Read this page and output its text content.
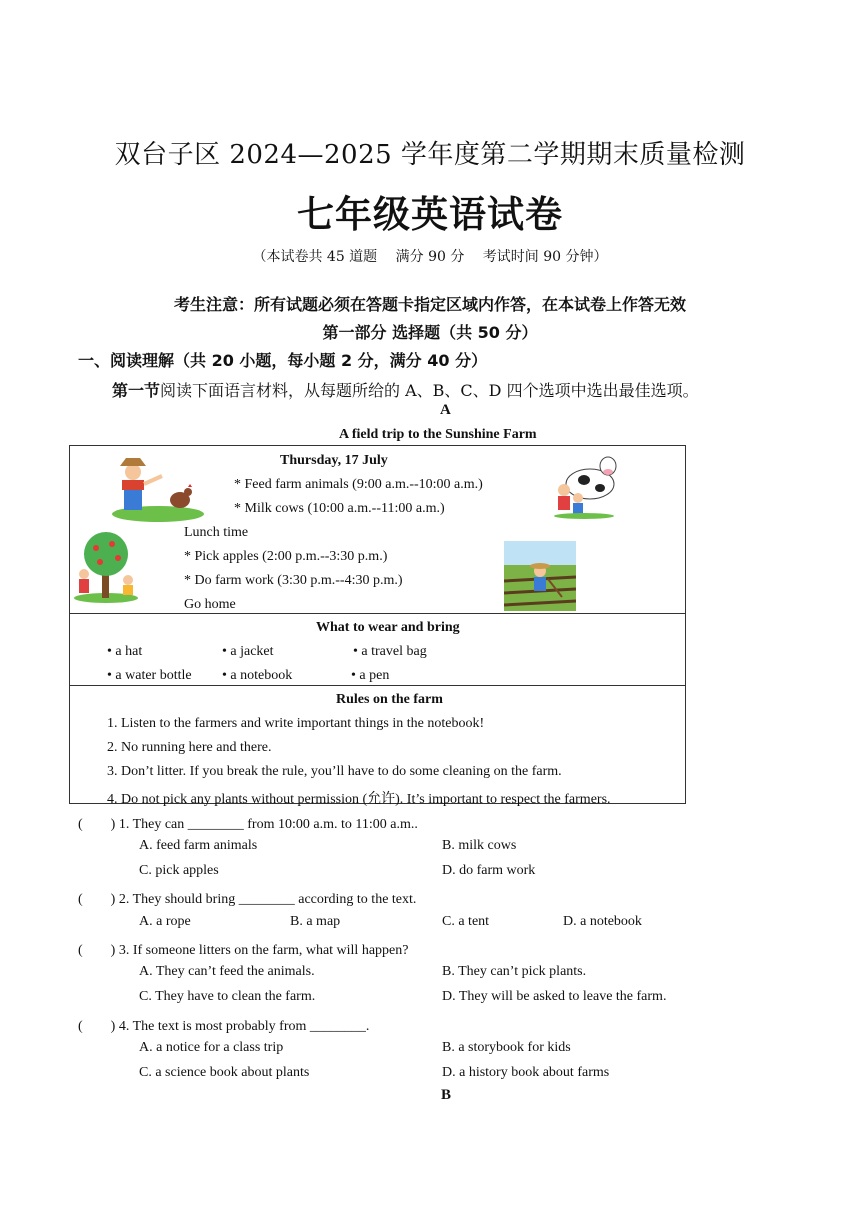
双台子区 2024—2025 学年度第二学期期末质量检测
七年级英语试卷
（本试卷共 45 道题　 满分 90 分　 考试时间 90 分钟）
考生注意：所有试题必须在答题卡指定区域内作答，在本试卷上作答无效
第一部分 选择题（共 50 分）
一、阅读理解（共 20 小题，每小题 2 分，满分 40 分）
第一节阅读下面语言材料，从每题所给的 A、B、C、D 四个选项中选出最佳选项。
A
A field trip to the Sunshine Farm
Thursday, 17 July
* Feed farm animals (9:00 a.m.--10:00 a.m.)
* Milk cows (10:00 a.m.--11:00 a.m.)
Lunch time
* Pick apples (2:00 p.m.--3:30 p.m.)
* Do farm work (3:30 p.m.--4:30 p.m.)
Go home
What to wear and bring
• a hat	• a jacket	• a travel bag
• a water bottle • a notebook	• a pen
Rules on the farm
1. Listen to the farmers and write important things in the notebook!
2. No running here and there.
3. Don’t litter. If you break the rule, you’ll have to do some cleaning on the farm.
4. Do not pick any plants without permission (允许). It’s important to respect the farmers.
(　　) 1. They can ________ from 10:00 a.m. to 11:00 a.m..
A. feed farm animals	B. milk cows
C. pick apples	D. do farm work
(　　) 2. They should bring ________ according to the text.
A. a rope	B. a map	C. a tent	D. a notebook
(　　) 3. If someone litters on the farm, what will happen?
A. They can’t feed the animals.	B. They can’t pick plants.
C. They have to clean the farm.	D. They will be asked to leave the farm.
(　　) 4. The text is most probably from ________.
A. a notice for a class trip	B. a storybook for kids
C. a science book about plants	D. a history book about farms
B
